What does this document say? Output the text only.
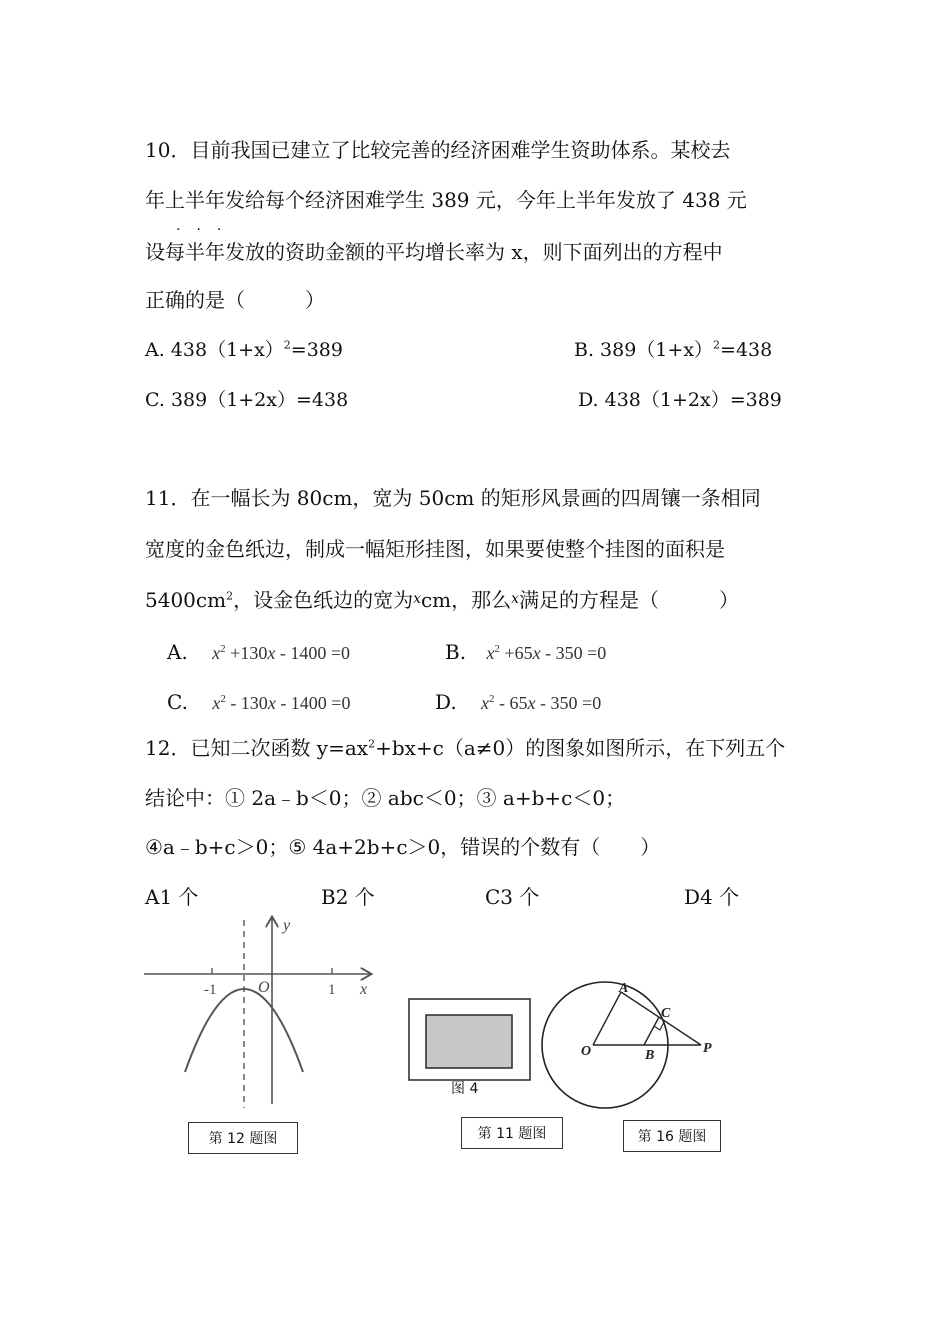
10．目前我国已建立了比较完善的经济困难学生资助体系。某校去
年上半年发给每个经济困难学生 389 元，今年上半年发放了 438 元
...
设每半年发放的资助金额的平均增长率为 x，则下面列出的方程中
正确的是（　　　）
A. $438(1+x)^2=389$	B. $389(1+x)^2=438$
C. 389（1+2x）=438	D. 438（1+2x）=389
11．在一幅长为 80cm，宽为 50cm 的矩形风景画的四周镶一条相同
宽度的金色纸边，制成一幅矩形挂图，如果要使整个挂图的面积是
$5400cm^2$，设金色纸边的宽为$^x$cm，那么$^x$满足的方程是（　　　）
A. $x^2 +130x - 1400 =0$	B. $x^2 +65x - 350 =0$
C. $x^2 - 130x - 1400 =0$	D. $x^2 - 65x - 350 =0$
12．已知二次函数 $y=ax^2+bx+c(a\ne 0)$的图象如图所示，在下列五个
结论中：① 2a﹣b＜0；② abc＜0；③ a+b+c＜0；
④a﹣b+c＞0；⑤ 4a+2b+c＞0，错误的个数有（　　）
A1 个	B2 个	C3 个	D4 个
y
x
O
-1	1
图 4
A
C
O	B	P
第 12 题图	第 11 题图	第 16 题图
